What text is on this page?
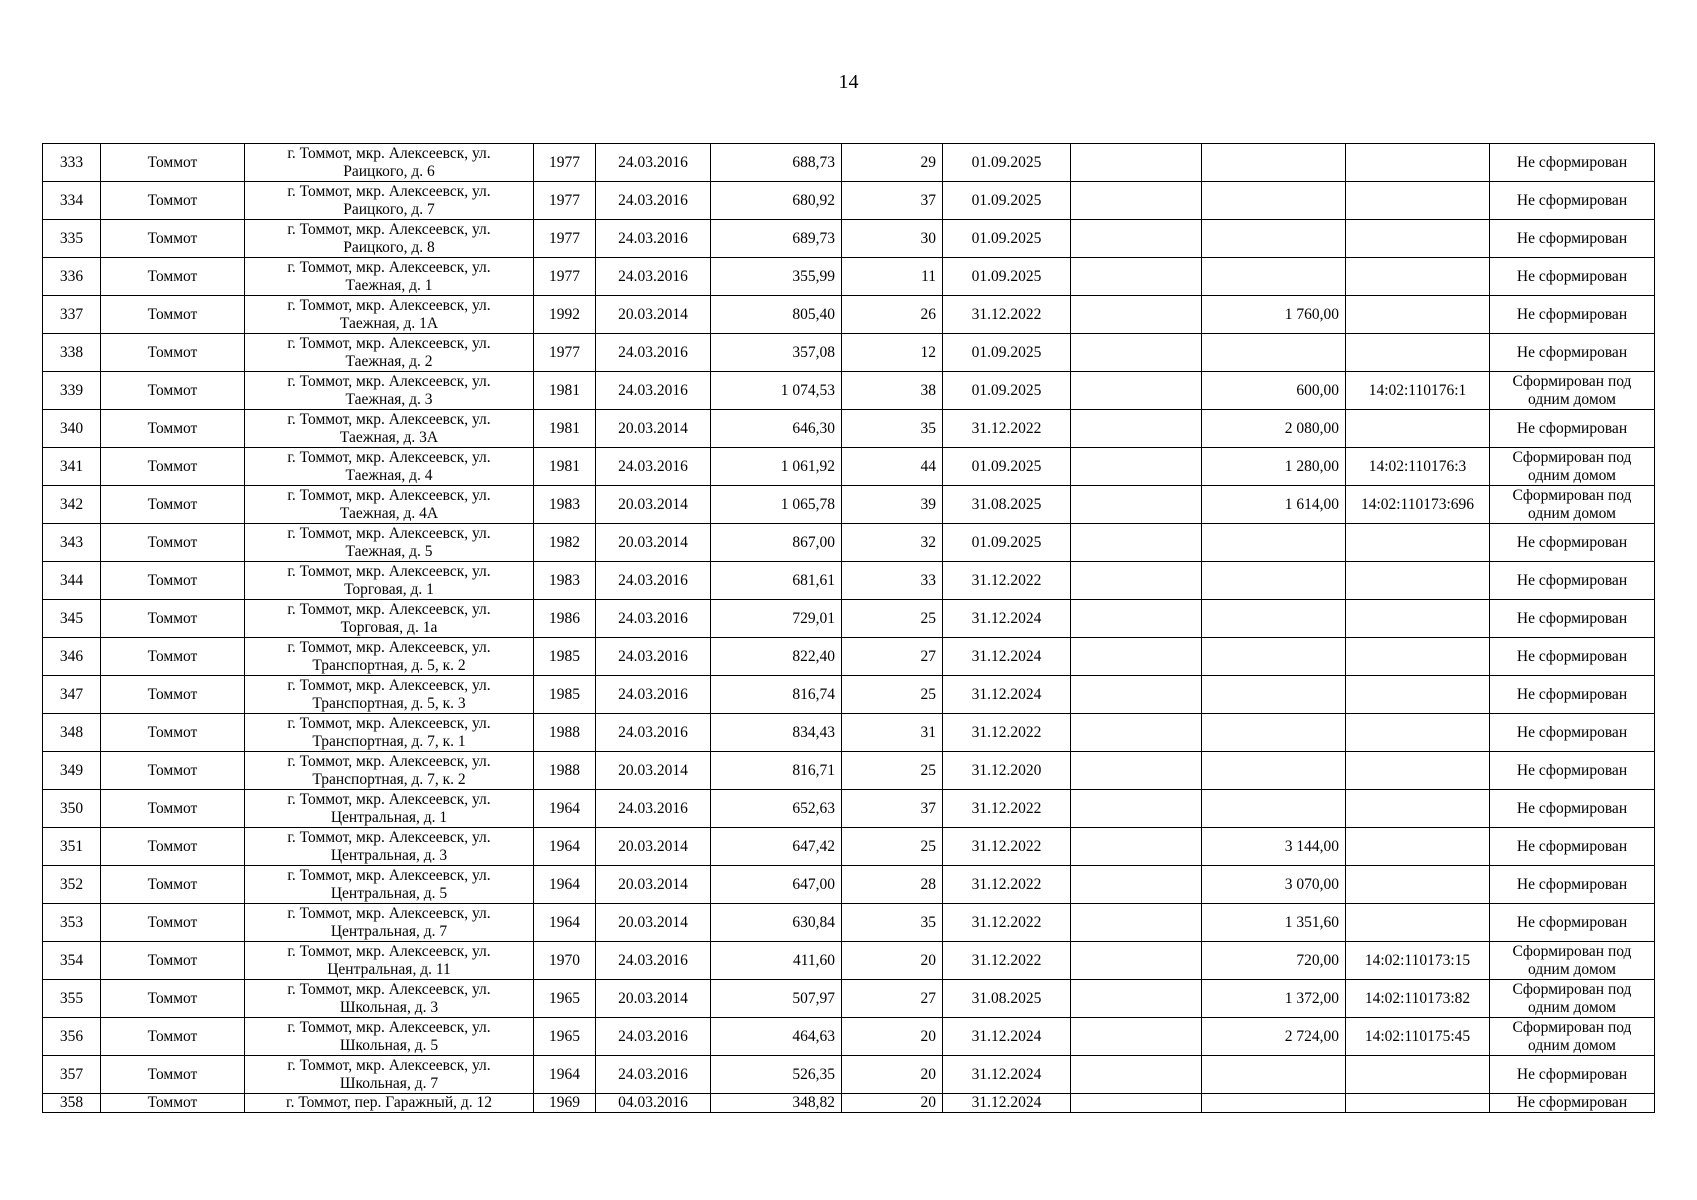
14
333	Томмот	г. Томмот, мкр. Алексеевск, ул.
Раицкого, д. 6	1977	24.03.2016	688,73	29	01.09.2025				Не сформирован
334	Томмот	г. Томмот, мкр. Алексеевск, ул.
Раицкого, д. 7	1977	24.03.2016	680,92	37	01.09.2025				Не сформирован
335	Томмот	г. Томмот, мкр. Алексеевск, ул.
Раицкого, д. 8	1977	24.03.2016	689,73	30	01.09.2025				Не сформирован
336	Томмот	г. Томмот, мкр. Алексеевск, ул.
Таежная, д. 1	1977	24.03.2016	355,99	11	01.09.2025				Не сформирован
337	Томмот	г. Томмот, мкр. Алексеевск, ул.
Таежная, д. 1А	1992	20.03.2014	805,40	26	31.12.2022		1 760,00		Не сформирован
338	Томмот	г. Томмот, мкр. Алексеевск, ул.
Таежная, д. 2	1977	24.03.2016	357,08	12	01.09.2025				Не сформирован
339	Томмот	г. Томмот, мкр. Алексеевск, ул.
Таежная, д. 3	1981	24.03.2016	1 074,53	38	01.09.2025		600,00	14:02:110176:1	Сформирован под
одним домом
340	Томмот	г. Томмот, мкр. Алексеевск, ул.
Таежная, д. 3А	1981	20.03.2014	646,30	35	31.12.2022		2 080,00		Не сформирован
341	Томмот	г. Томмот, мкр. Алексеевск, ул.
Таежная, д. 4	1981	24.03.2016	1 061,92	44	01.09.2025		1 280,00	14:02:110176:3	Сформирован под
одним домом
342	Томмот	г. Томмот, мкр. Алексеевск, ул.
Таежная, д. 4А	1983	20.03.2014	1 065,78	39	31.08.2025		1 614,00	14:02:110173:696	Сформирован под
одним домом
343	Томмот	г. Томмот, мкр. Алексеевск, ул.
Таежная, д. 5	1982	20.03.2014	867,00	32	01.09.2025				Не сформирован
344	Томмот	г. Томмот, мкр. Алексеевск, ул.
Торговая, д. 1	1983	24.03.2016	681,61	33	31.12.2022				Не сформирован
345	Томмот	г. Томмот, мкр. Алексеевск, ул.
Торговая, д. 1а	1986	24.03.2016	729,01	25	31.12.2024				Не сформирован
346	Томмот	г. Томмот, мкр. Алексеевск, ул.
Транспортная, д. 5, к. 2	1985	24.03.2016	822,40	27	31.12.2024				Не сформирован
347	Томмот	г. Томмот, мкр. Алексеевск, ул.
Транспортная, д. 5, к. 3	1985	24.03.2016	816,74	25	31.12.2024				Не сформирован
348	Томмот	г. Томмот, мкр. Алексеевск, ул.
Транспортная, д. 7, к. 1	1988	24.03.2016	834,43	31	31.12.2022				Не сформирован
349	Томмот	г. Томмот, мкр. Алексеевск, ул.
Транспортная, д. 7, к. 2	1988	20.03.2014	816,71	25	31.12.2020				Не сформирован
350	Томмот	г. Томмот, мкр. Алексеевск, ул.
Центральная, д. 1	1964	24.03.2016	652,63	37	31.12.2022				Не сформирован
351	Томмот	г. Томмот, мкр. Алексеевск, ул.
Центральная, д. 3	1964	20.03.2014	647,42	25	31.12.2022		3 144,00		Не сформирован
352	Томмот	г. Томмот, мкр. Алексеевск, ул.
Центральная, д. 5	1964	20.03.2014	647,00	28	31.12.2022		3 070,00		Не сформирован
353	Томмот	г. Томмот, мкр. Алексеевск, ул.
Центральная, д. 7	1964	20.03.2014	630,84	35	31.12.2022		1 351,60		Не сформирован
354	Томмот	г. Томмот, мкр. Алексеевск, ул.
Центральная, д. 11	1970	24.03.2016	411,60	20	31.12.2022		720,00	14:02:110173:15	Сформирован под
одним домом
355	Томмот	г. Томмот, мкр. Алексеевск, ул.
Школьная, д. 3	1965	20.03.2014	507,97	27	31.08.2025		1 372,00	14:02:110173:82	Сформирован под
одним домом
356	Томмот	г. Томмот, мкр. Алексеевск, ул.
Школьная, д. 5	1965	24.03.2016	464,63	20	31.12.2024		2 724,00	14:02:110175:45	Сформирован под
одним домом
357	Томмот	г. Томмот, мкр. Алексеевск, ул.
Школьная, д. 7	1964	24.03.2016	526,35	20	31.12.2024				Не сформирован
358	Томмот	г. Томмот, пер. Гаражный, д. 12	1969	04.03.2016	348,82	20	31.12.2024				Не сформирован
